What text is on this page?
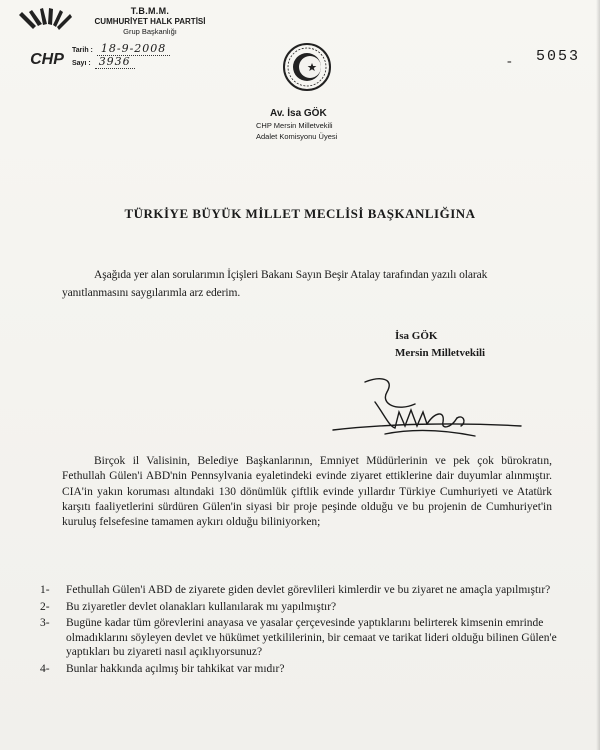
CHP
T.B.M.M.
CUMHURİYET HALK PARTİSİ
Grup Başkanlığı
Tarih : 18-9-2008
Sayı : 3936	- 5053
Av. İsa GÖK
CHP Mersin Milletvekili
Adalet Komisyonu Üyesi
TÜRKİYE BÜYÜK MİLLET MECLİSİ BAŞKANLIĞINA
Aşağıda yer alan sorularımın İçişleri Bakanı Sayın Beşir Atalay tarafından yazılı olarak yanıtlanmasını saygılarımla arz ederim.
İsa GÖK
Mersin Milletvekili
Birçok il Valisinin, Belediye Başkanlarının, Emniyet Müdürlerinin ve pek çok bürokratın, Fethullah Gülen'i ABD'nin Pennsylvania eyaletindeki evinde ziyaret ettiklerine dair duyumlar alınmıştır. CIA'in yakın koruması altındaki 130 dönümlük çiftlik evinde yıllardır Türkiye Cumhuriyeti ve Atatürk karşıtı faaliyetlerini sürdüren Gülen'in siyasi bir proje peşinde olduğu ve bu projenin de Cumhuriyet'in kuruluş felsefesine tamamen aykırı olduğu biliniyorken;
1- Fethullah Gülen'i ABD de ziyarete giden devlet görevlileri kimlerdir ve bu ziyaret ne amaçla yapılmıştır?
2- Bu ziyaretler devlet olanakları kullanılarak mı yapılmıştır?
3- Bugüne kadar tüm görevlerini anayasa ve yasalar çerçevesinde yaptıklarını belirterek kimsenin emrinde olmadıklarını söyleyen devlet ve hükümet yetkililerinin, bir cemaat ve tarikat lideri olduğu bilinen Gülen'e yaptıkları bu ziyareti nasıl açıklıyorsunuz?
4- Bunlar hakkında açılmış bir tahkikat var mıdır?
